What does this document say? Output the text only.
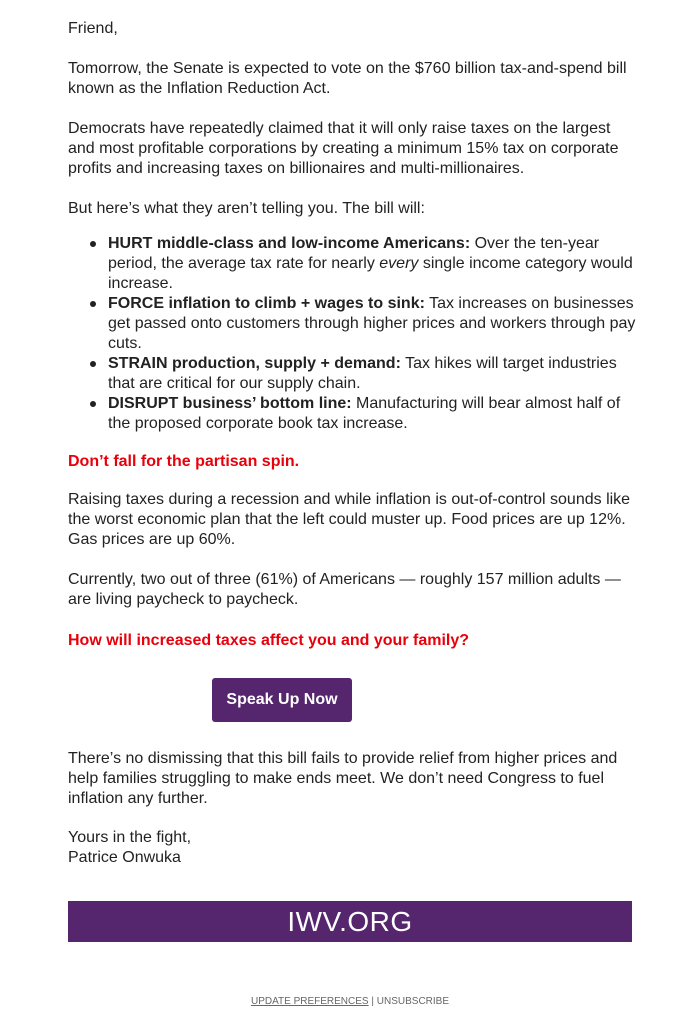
Friend,

Tomorrow, the Senate is expected to vote on the $760 billion tax-and-spend bill known as the Inflation Reduction Act.

Democrats have repeatedly claimed that it will only raise taxes on the largest and most profitable corporations by creating a minimum 15% tax on corporate profits and increasing taxes on billionaires and multi-millionaires.

But here’s what they aren’t telling you. The bill will:

HURT middle-class and low-income Americans: Over the ten-year period, the average tax rate for nearly every single income category would increase.
FORCE inflation to climb + wages to sink: Tax increases on businesses get passed onto customers through higher prices and workers through pay cuts.
STRAIN production, supply + demand: Tax hikes will target industries that are critical for our supply chain.
DISRUPT business’ bottom line: Manufacturing will bear almost half of the proposed corporate book tax increase.

Don’t fall for the partisan spin.

Raising taxes during a recession and while inflation is out-of-control sounds like the worst economic plan that the left could muster up. Food prices are up 12%. Gas prices are up 60%.

Currently, two out of three (61%) of Americans — roughly 157 million adults — are living paycheck to paycheck.

How will increased taxes affect you and your family?

There’s no dismissing that this bill fails to provide relief from higher prices and help families struggling to make ends meet. We don’t need Congress to fuel inflation any further.

Yours in the fight,

Patrice Onwuka

Speak Up Now
IWV.ORG
UPDATE PREFERENCES | UNSUBSCRIBE
